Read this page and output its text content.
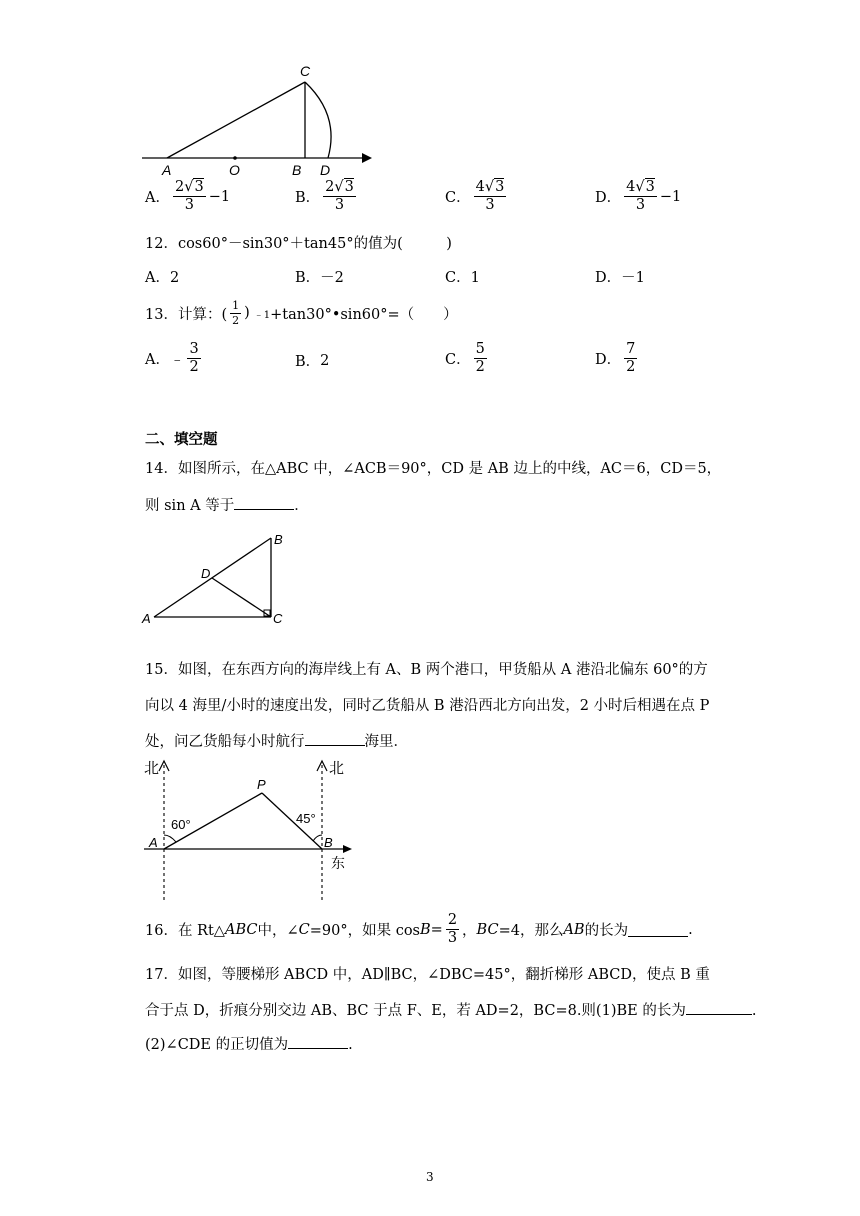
C
A	O	B D
A． $\frac{2√3}{3} -1$	B． $\frac{2√3}{3}$	C． $\frac{4√3}{3}$	D． $\frac{4√3}{3} -1$
12．cos60°－sin30°＋tan45°的值为(　　　)
A．2	B．－2	C．1	D．－1
13．计算：( $\frac{1}{2}$ ) ﹣1 +tan30°•sin60°=（　　）
A． ﹣ $\frac{3}{2}$	B． 2	C． $\frac{5}{2}$	D． $\frac{7}{2}$
二、填空题
14．如图所示，在△ABC 中，∠ACB＝90°，CD 是 AB 边上的中线，AC＝6，CD＝5，
则 sin A 等于	．
A
B
C
D
15．如图，在东西方向的海岸线上有 A、B 两个港口，甲货船从 A 港沿北偏东 60°的方
向以 4 海里/小时的速度出发，同时乙货船从 B 港沿西北方向出发，2 小时后相遇在点 P
处，问乙货船每小时航行	海里．
北	北
东
60°	45°
A	B
P
16．在 Rt△ ABC 中，∠ C =90°，如果 $\cos B = \frac{2}{3}$ ， BC =4，那么 AB 的长为	.
17．如图，等腰梯形 ABCD 中，AD∥BC，∠DBC=45°，翻折梯形 ABCD，使点 B 重
合于点 D，折痕分别交边 AB、BC 于点 F、E，若 AD=2，BC=8.则(1)BE 的长为	.
(2)∠CDE 的正切值为	.
3
